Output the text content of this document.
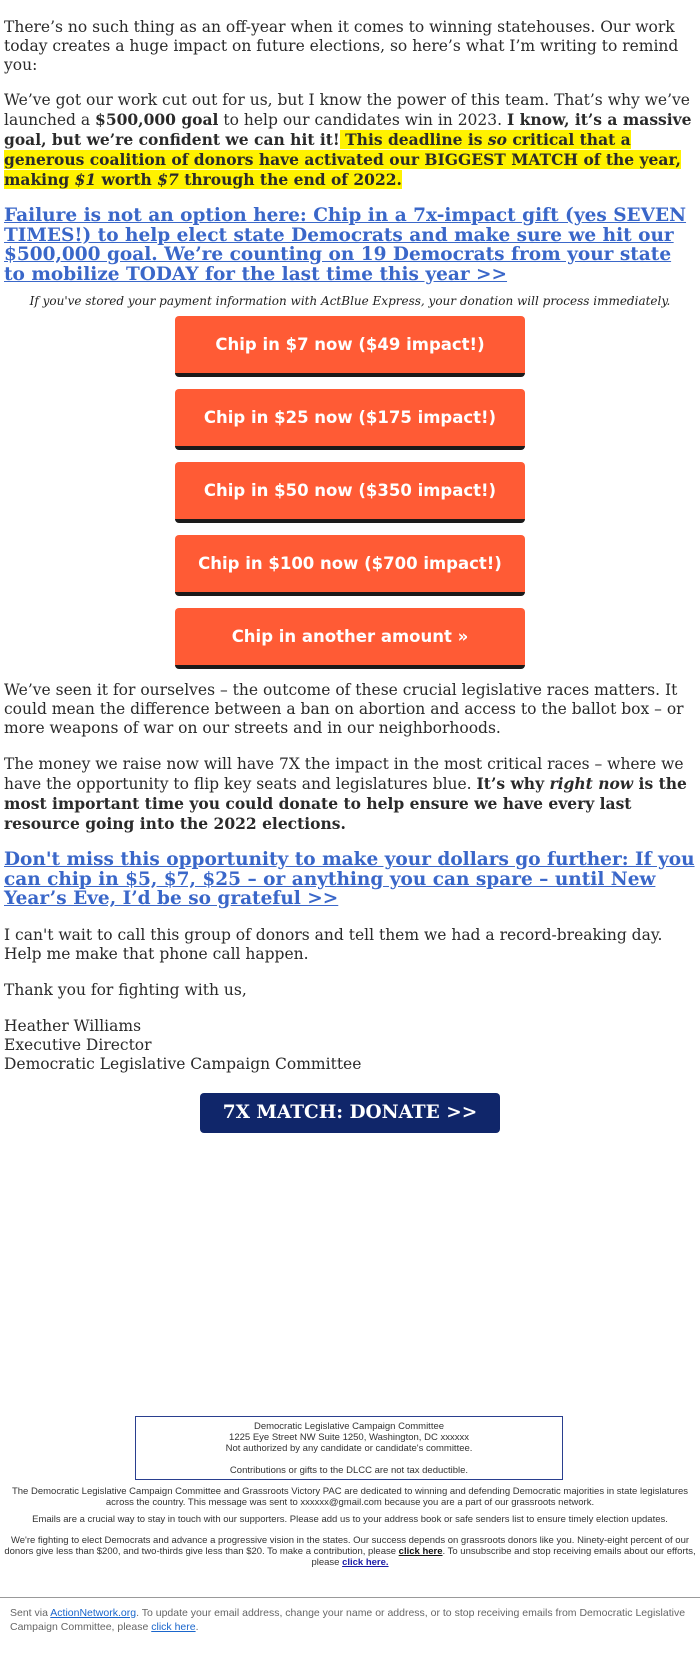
There’s no such thing as an off-year when it comes to winning statehouses. Our work today creates a huge impact on future elections, so here’s what I’m writing to remind you:

We’ve got our work cut out for us, but I know the power of this team. That’s why we’ve launched a $500,000 goal to help our candidates win in 2023. I know, it’s a massive goal, but we’re confident we can hit it! This deadline is so critical that a generous coalition of donors have activated our BIGGEST MATCH of the year, making $1 worth $7 through the end of 2022.

Failure is not an option here: Chip in a 7x-impact gift (yes SEVEN TIMES!) to help elect state Democrats and make sure we hit our $500,000 goal. We’re counting on 19 Democrats from your state to mobilize TODAY for the last time this year >>
If you've stored your payment information with ActBlue Express, your donation will process immediately.
Chip in $7 now ($49 impact!)
Chip in $25 now ($175 impact!)
Chip in $50 now ($350 impact!)
Chip in $100 now ($700 impact!)
Chip in another amount »

We’ve seen it for ourselves – the outcome of these crucial legislative races matters. It could mean the difference between a ban on abortion and access to the ballot box – or more weapons of war on our streets and in our neighborhoods.

The money we raise now will have 7X the impact in the most critical races – where we have the opportunity to flip key seats and legislatures blue. It’s why right now is the most important time you could donate to help ensure we have every last resource going into the 2022 elections.

Don't miss this opportunity to make your dollars go further: If you can chip in $5, $7, $25 – or anything you can spare – until New Year’s Eve, I’d be so grateful >>

I can't wait to call this group of donors and tell them we had a record-breaking day. Help me make that phone call happen.

Thank you for fighting with us,

Heather Williams
Executive Director
Democratic Legislative Campaign Committee

7X MATCH: DONATE >>
Democratic Legislative Campaign Committee
1225 Eye Street NW Suite 1250, Washington, DC xxxxxx
Not authorized by any candidate or candidate's committee.
Contributions or gifts to the DLCC are not tax deductible.
The Democratic Legislative Campaign Committee and Grassroots Victory PAC are dedicated to winning and defending Democratic majorities in state legislatures across the country. This message was sent to xxxxxx@gmail.com because you are a part of our grassroots network.
Emails are a crucial way to stay in touch with our supporters. Please add us to your address book or safe senders list to ensure timely election updates.
We're fighting to elect Democrats and advance a progressive vision in the states. Our success depends on grassroots donors like you. Ninety-eight percent of our donors give less than $200, and two-thirds give less than $20. To make a contribution, please click here. To unsubscribe and stop receiving emails about our efforts, please click here.
Sent via ActionNetwork.org. To update your email address, change your name or address, or to stop receiving emails from Democratic Legislative Campaign Committee, please click here.
